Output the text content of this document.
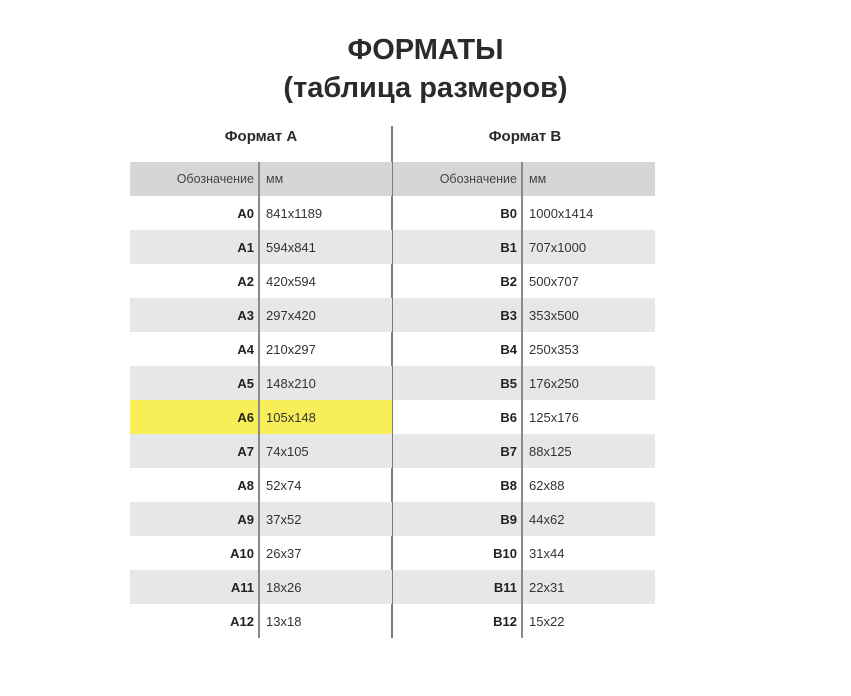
ФОРМАТЫ
(таблица размеров)
Формат А	Формат В
Обозначение мм
A0 841x1189
A1 594x841
A2 420x594
A3 297x420
A4 210x297
A5 148x210
A6 105x148
A7 74x105
A8 52x74
A9 37x52
A10 26x37
A11 18x26
A12 13x18
Обозначение мм
B0 1000x1414
B1 707x1000
B2 500x707
B3 353x500
B4 250x353
B5 176x250
B6 125x176
B7 88x125
B8 62x88
B9 44x62
B10 31x44
B11 22x31
B12 15x22
